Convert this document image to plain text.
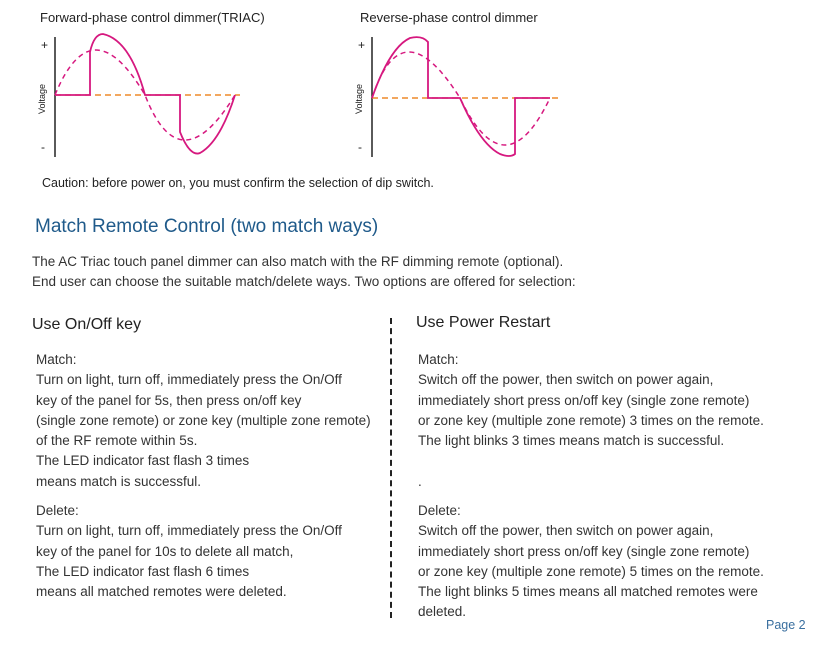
Forward-phase control dimmer(TRIAC)	Reverse-phase control dimmer
+
-
Voltage
+
-
Voltage
Caution: before power on, you must confirm the selection of dip switch.
Match Remote Control (two match ways)
The AC Triac touch panel dimmer can also match with the RF dimming remote (optional).
End user can choose the suitable match/delete ways. Two options are offered for selection:
Use On/Off key
Match:
Turn on light, turn off, immediately press the On/Off
key of the panel for 5s, then press on/off key
(single zone remote) or zone key (multiple zone remote)
of the RF remote within 5s.
The LED indicator fast flash 3 times
means match is successful.
Delete:
Turn on light, turn off, immediately press the On/Off
key of the panel for 10s to delete all match,
The LED indicator fast flash 6 times
means all matched remotes were deleted.
Use Power Restart
Match:
Switch off the power, then switch on power again,
immediately short press on/off key (single zone remote)
or zone key (multiple zone remote) 3 times on the remote.
The light blinks 3 times means match is successful.
.
Delete:
Switch off the power, then switch on power again,
immediately short press on/off key (single zone remote)
or zone key (multiple zone remote) 5 times on the remote.
The light blinks 5 times means all matched remotes were
deleted.
Page 2
